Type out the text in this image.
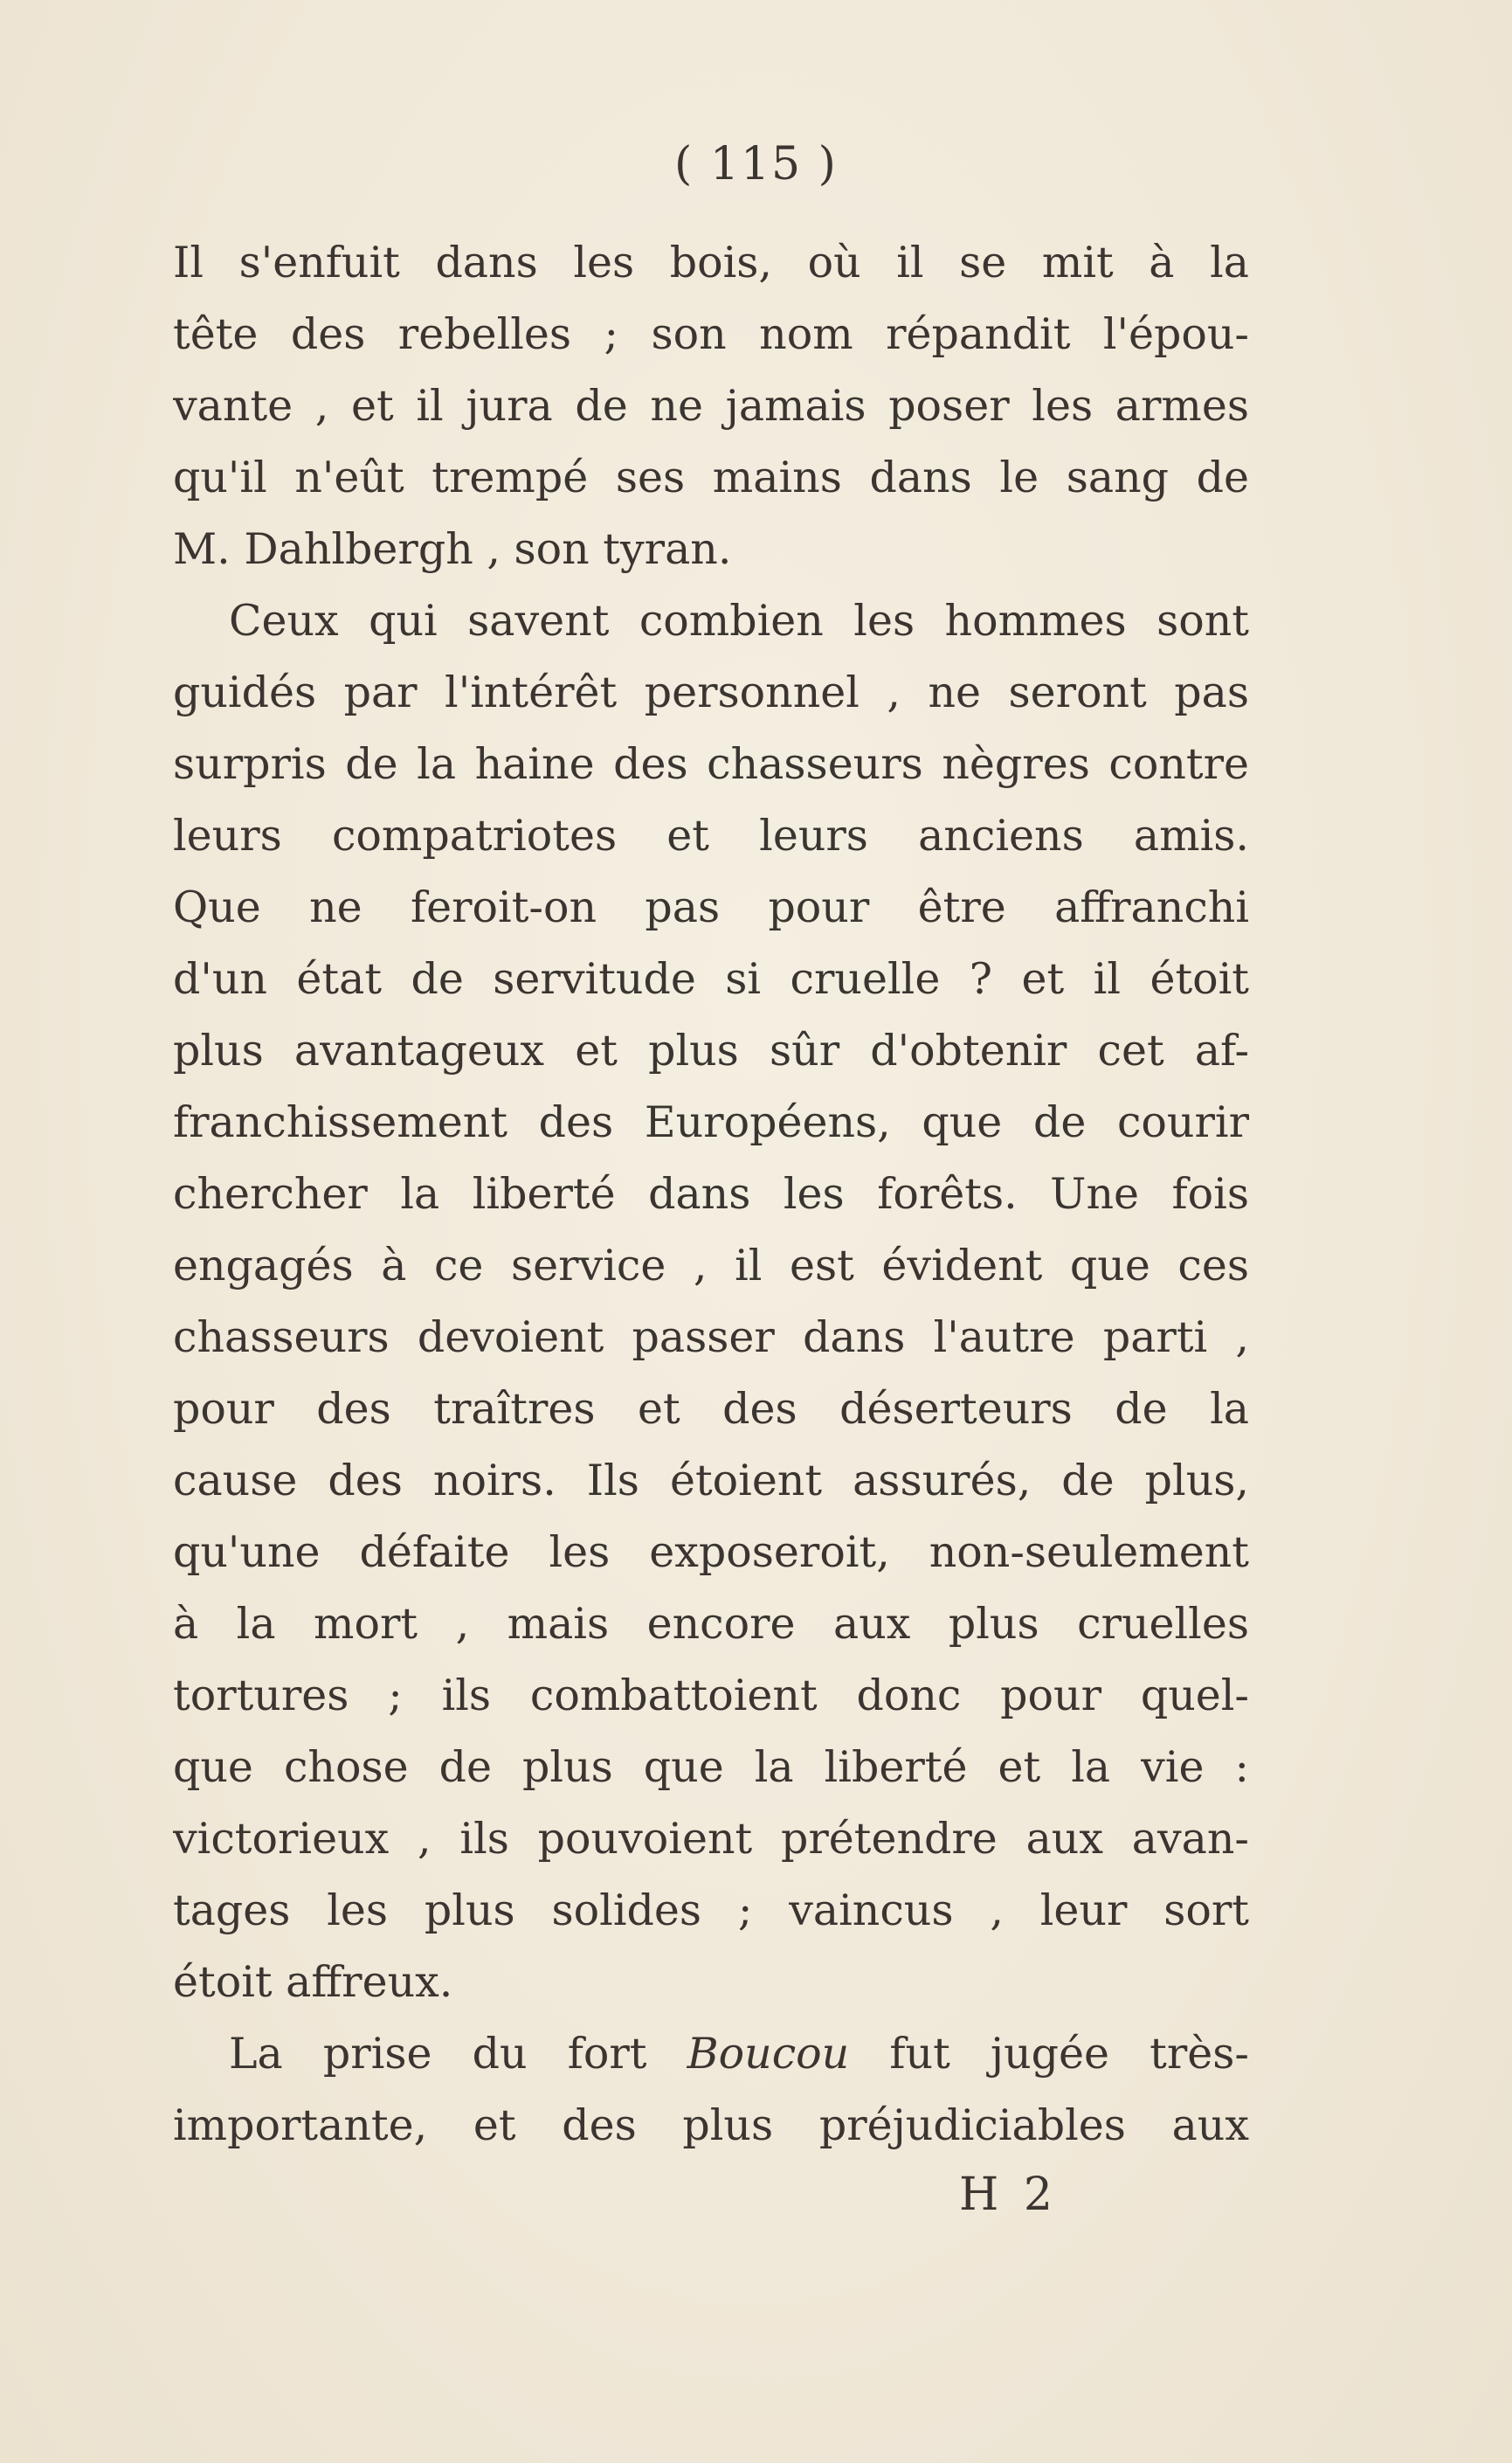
( 115 )
Il s'enfuit dans les bois, où il se mit à la
tête des rebelles ; son nom répandit l'épou-
vante , et il jura de ne jamais poser les armes
qu'il n'eût trempé ses mains dans le sang de
M. Dahlbergh , son tyran.
Ceux qui savent combien les hommes sont
guidés par l'intérêt personnel , ne seront pas
surpris de la haine des chasseurs nègres contre
leurs compatriotes et leurs anciens amis.
Que ne feroit-on pas pour être affranchi
d'un état de servitude si cruelle ? et il étoit
plus avantageux et plus sûr d'obtenir cet af-
franchissement des Européens, que de courir
chercher la liberté dans les forêts. Une fois
engagés à ce service , il est évident que ces
chasseurs devoient passer dans l'autre parti ,
pour des traîtres et des déserteurs de la
cause des noirs. Ils étoient assurés, de plus,
qu'une défaite les exposeroit, non-seulement
à la mort , mais encore aux plus cruelles
tortures ; ils combattoient donc pour quel-
que chose de plus que la liberté et la vie :
victorieux , ils pouvoient prétendre aux avan-
tages les plus solides ; vaincus , leur sort
étoit affreux.
La prise du fort Boucou fut jugée très-
importante, et des plus préjudiciables aux
H 2
